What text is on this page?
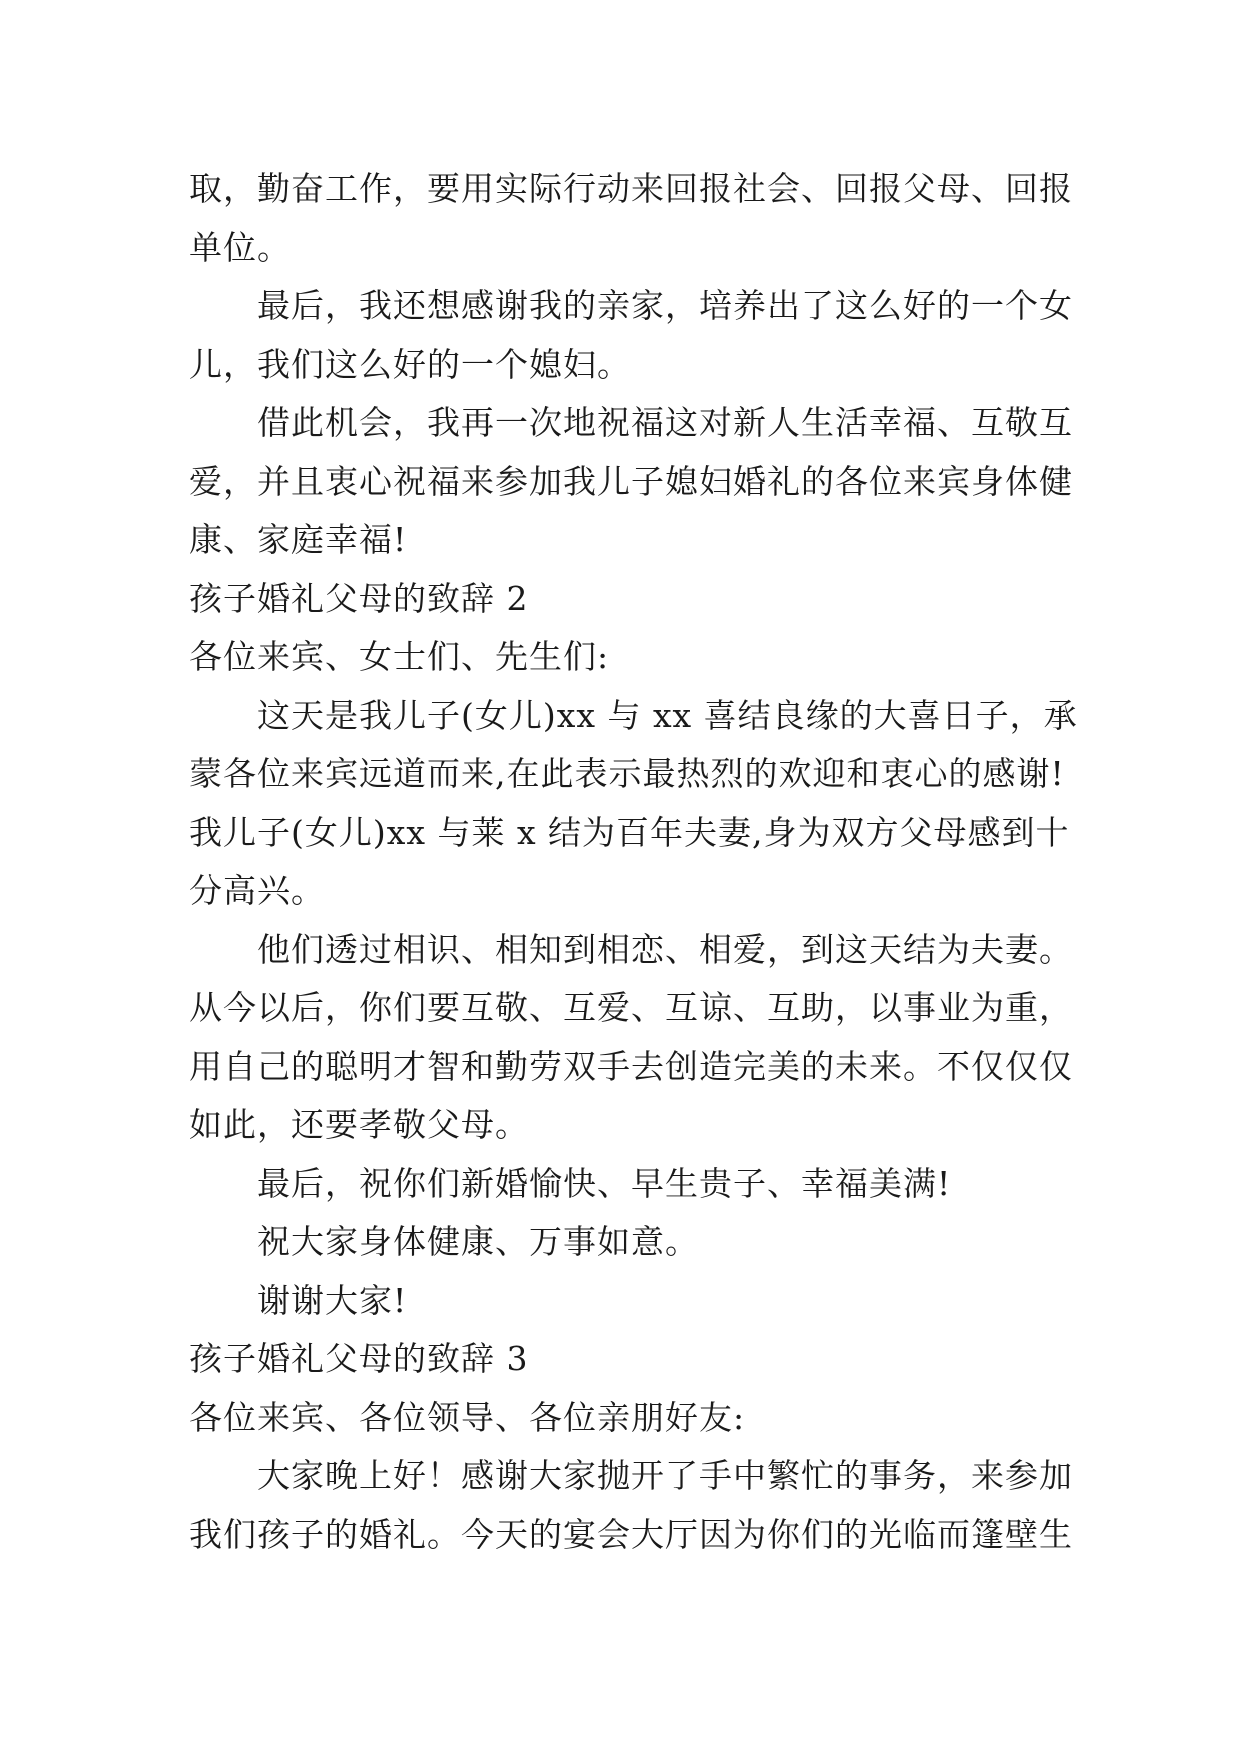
取，勤奋工作，要用实际行动来回报社会、回报父母、回报
单位。
最后，我还想感谢我的亲家，培养出了这么好的一个女
儿，我们这么好的一个媳妇。
借此机会，我再一次地祝福这对新人生活幸福、互敬互
爱，并且衷心祝福来参加我儿子媳妇婚礼的各位来宾身体健
康、家庭幸福!
孩子婚礼父母的致辞 2
各位来宾、女士们、先生们:
这天是我儿子(女儿)xx 与 xx 喜结良缘的大喜日子，承
蒙各位来宾远道而来,在此表示最热烈的欢迎和衷心的感谢!
我儿子(女儿)xx 与莱 x 结为百年夫妻,身为双方父母感到十
分高兴。
他们透过相识、相知到相恋、相爱，到这天结为夫妻。
从今以后，你们要互敬、互爱、互谅、互助，以事业为重，
用自己的聪明才智和勤劳双手去创造完美的未来。不仅仅仅
如此，还要孝敬父母。
最后，祝你们新婚愉快、早生贵子、幸福美满!
祝大家身体健康、万事如意。
谢谢大家!
孩子婚礼父母的致辞 3
各位来宾、各位领导、各位亲朋好友:
大家晚上好！感谢大家抛开了手中繁忙的事务，来参加
我们孩子的婚礼。今天的宴会大厅因为你们的光临而篷壁生
